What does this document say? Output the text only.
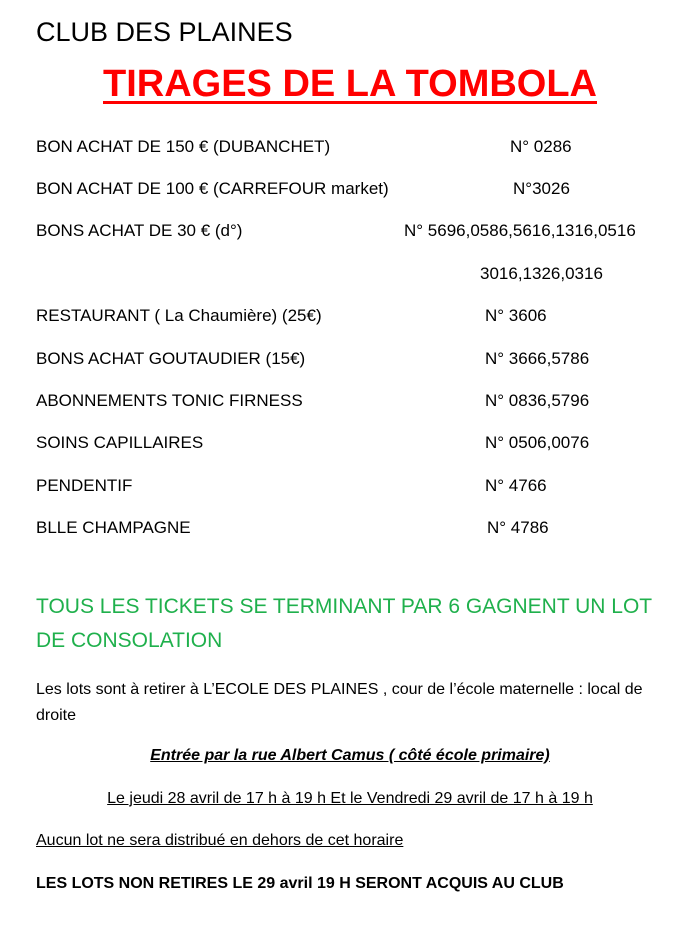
CLUB DES PLAINES
TIRAGES DE LA TOMBOLA
BON ACHAT DE 150 € (DUBANCHET)	N° 0286
BON ACHAT DE 100 € (CARREFOUR market)	N°3026
BONS ACHAT DE 30 € (d°)	N° 5696,0586,5616,1316,0516
3016,1326,0316
RESTAURANT ( La Chaumière) (25€)	N° 3606
BONS ACHAT GOUTAUDIER (15€)	N° 3666,5786
ABONNEMENTS TONIC FIRNESS	N° 0836,5796
SOINS CAPILLAIRES	N° 0506,0076
PENDENTIF	N° 4766
BLLE CHAMPAGNE	N° 4786
TOUS LES TICKETS SE TERMINANT PAR 6 GAGNENT UN LOT DE CONSOLATION
Les lots sont à retirer à L’ECOLE DES PLAINES , cour de l’école maternelle : local de droite
Entrée par la rue Albert Camus ( côté école primaire)
Le jeudi 28 avril de 17 h à 19 h Et le Vendredi 29 avril de 17 h à 19 h
Aucun lot ne sera distribué en dehors de cet horaire
LES LOTS NON RETIRES LE 29 avril 19 H SERONT ACQUIS AU CLUB
